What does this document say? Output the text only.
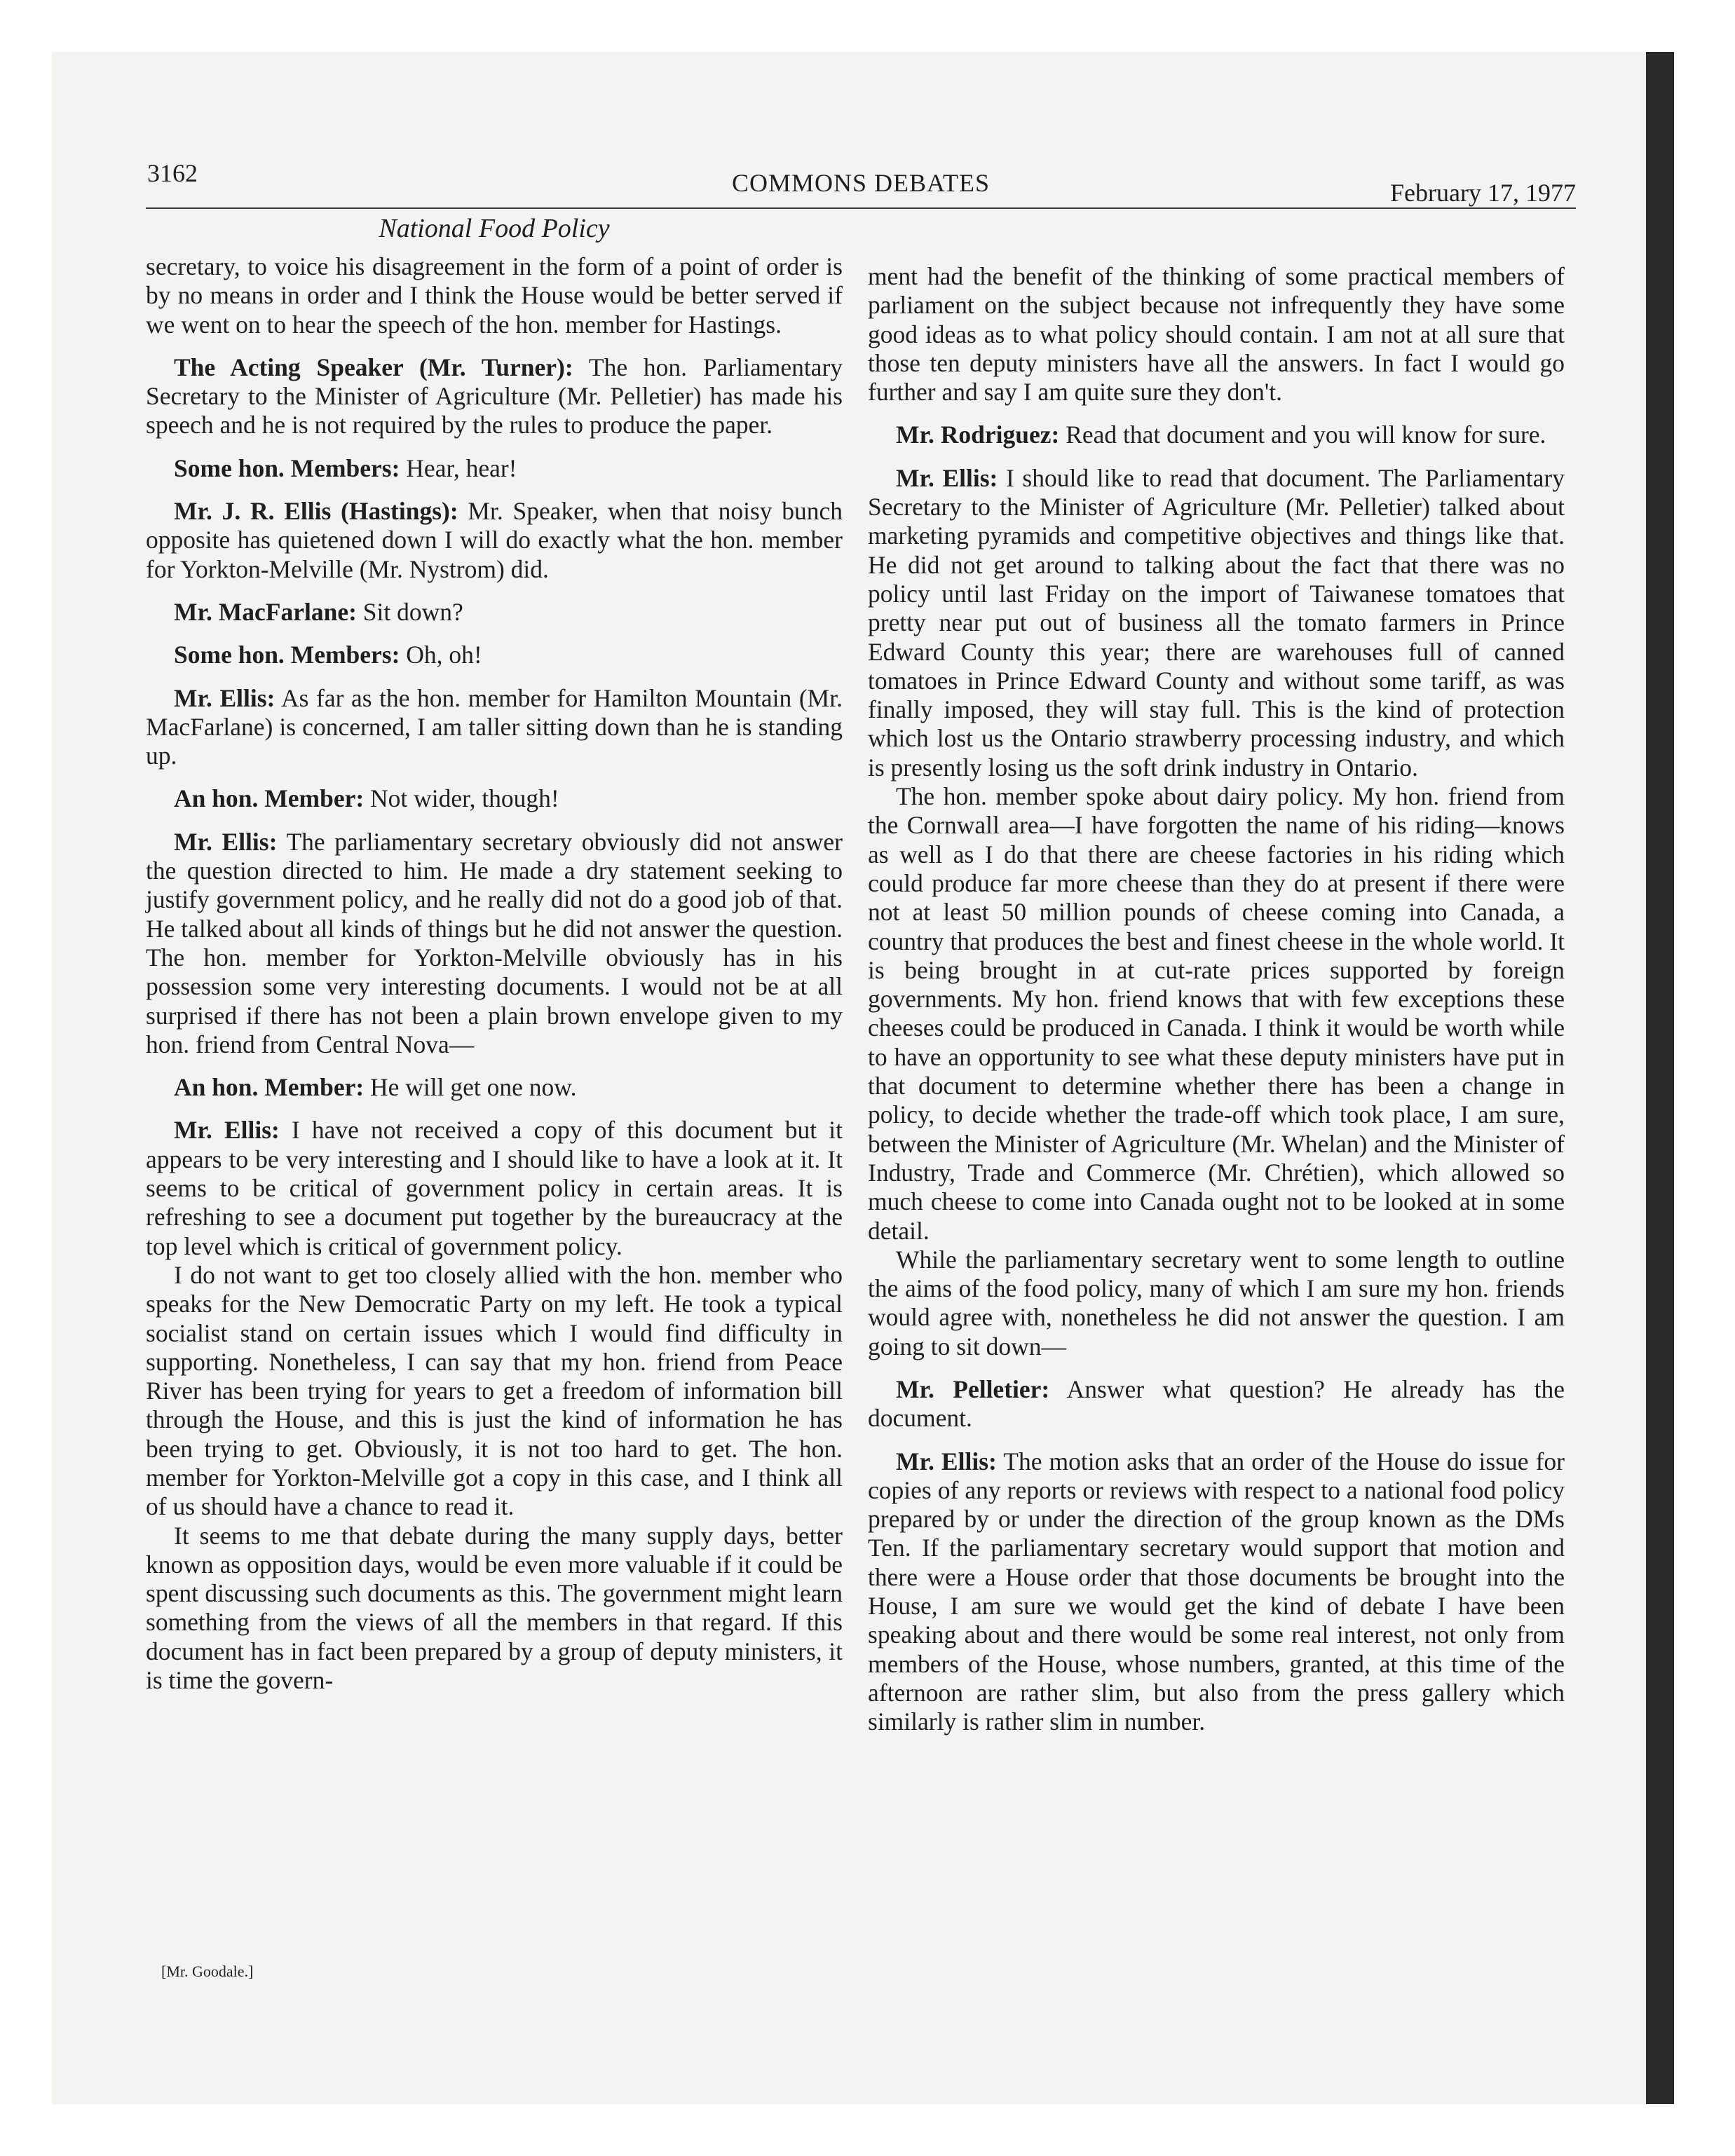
3162	COMMONS DEBATES	February 17, 1977
National Food Policy

secretary, to voice his disagreement in the form of a point of order is by no means in order and I think the House would be better served if we went on to hear the speech of the hon. member for Hastings.

The Acting Speaker (Mr. Turner): The hon. Parliamentary Secretary to the Minister of Agriculture (Mr. Pelletier) has made his speech and he is not required by the rules to produce the paper.

Some hon. Members: Hear, hear!

Mr. J. R. Ellis (Hastings): Mr. Speaker, when that noisy bunch opposite has quietened down I will do exactly what the hon. member for Yorkton-Melville (Mr. Nystrom) did.

Mr. MacFarlane: Sit down?

Some hon. Members: Oh, oh!

Mr. Ellis: As far as the hon. member for Hamilton Mountain (Mr. MacFarlane) is concerned, I am taller sitting down than he is standing up.

An hon. Member: Not wider, though!

Mr. Ellis: The parliamentary secretary obviously did not answer the question directed to him. He made a dry statement seeking to justify government policy, and he really did not do a good job of that. He talked about all kinds of things but he did not answer the question. The hon. member for Yorkton-Melville obviously has in his possession some very interesting documents. I would not be at all surprised if there has not been a plain brown envelope given to my hon. friend from Central Nova—

An hon. Member: He will get one now.

Mr. Ellis: I have not received a copy of this document but it appears to be very interesting and I should like to have a look at it. It seems to be critical of government policy in certain areas. It is refreshing to see a document put together by the bureaucracy at the top level which is critical of government policy.

I do not want to get too closely allied with the hon. member who speaks for the New Democratic Party on my left. He took a typical socialist stand on certain issues which I would find difficulty in supporting. Nonetheless, I can say that my hon. friend from Peace River has been trying for years to get a freedom of information bill through the House, and this is just the kind of information he has been trying to get. Obviously, it is not too hard to get. The hon. member for Yorkton-Melville got a copy in this case, and I think all of us should have a chance to read it.

It seems to me that debate during the many supply days, better known as opposition days, would be even more valuable if it could be spent discussing such documents as this. The government might learn something from the views of all the members in that regard. If this document has in fact been prepared by a group of deputy ministers, it is time the govern-

ment had the benefit of the thinking of some practical members of parliament on the subject because not infrequently they have some good ideas as to what policy should contain. I am not at all sure that those ten deputy ministers have all the answers. In fact I would go further and say I am quite sure they don't.

Mr. Rodriguez: Read that document and you will know for sure.

Mr. Ellis: I should like to read that document. The Parliamentary Secretary to the Minister of Agriculture (Mr. Pelletier) talked about marketing pyramids and competitive objectives and things like that. He did not get around to talking about the fact that there was no policy until last Friday on the import of Taiwanese tomatoes that pretty near put out of business all the tomato farmers in Prince Edward County this year; there are warehouses full of canned tomatoes in Prince Edward County and without some tariff, as was finally imposed, they will stay full. This is the kind of protection which lost us the Ontario strawberry processing industry, and which is presently losing us the soft drink industry in Ontario.

The hon. member spoke about dairy policy. My hon. friend from the Cornwall area—I have forgotten the name of his riding—knows as well as I do that there are cheese factories in his riding which could produce far more cheese than they do at present if there were not at least 50 million pounds of cheese coming into Canada, a country that produces the best and finest cheese in the whole world. It is being brought in at cut-rate prices supported by foreign governments. My hon. friend knows that with few exceptions these cheeses could be produced in Canada. I think it would be worth while to have an opportunity to see what these deputy ministers have put in that document to determine whether there has been a change in policy, to decide whether the trade-off which took place, I am sure, between the Minister of Agriculture (Mr. Whelan) and the Minister of Industry, Trade and Commerce (Mr. Chrétien), which allowed so much cheese to come into Canada ought not to be looked at in some detail.

While the parliamentary secretary went to some length to outline the aims of the food policy, many of which I am sure my hon. friends would agree with, nonetheless he did not answer the question. I am going to sit down—

Mr. Pelletier: Answer what question? He already has the document.

Mr. Ellis: The motion asks that an order of the House do issue for copies of any reports or reviews with respect to a national food policy prepared by or under the direction of the group known as the DMs Ten. If the parliamentary secretary would support that motion and there were a House order that those documents be brought into the House, I am sure we would get the kind of debate I have been speaking about and there would be some real interest, not only from members of the House, whose numbers, granted, at this time of the afternoon are rather slim, but also from the press gallery which similarly is rather slim in number.

[Mr. Goodale.]
